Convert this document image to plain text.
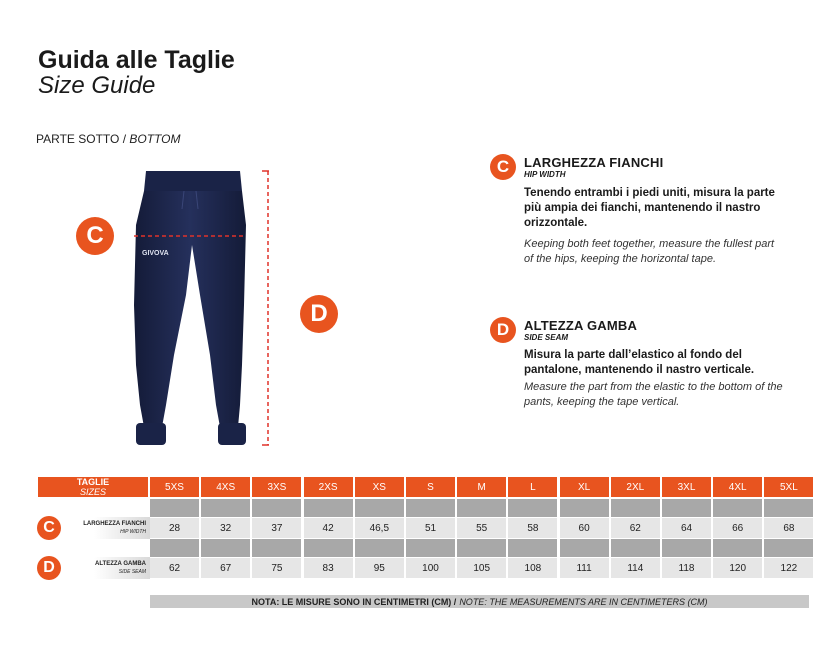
Guida alle Taglie
Size Guide
PARTE SOTTO / BOTTOM
GIVOVA
C
D
C	LARGHEZZA FIANCHI
HIP WIDTH
Tenendo entrambi i piedi uniti, misura la parte più ampia dei fianchi, mantenendo il nastro orizzontale.
Keeping both feet together, measure the fullest part of the hips, keeping the horizontal tape.
D	ALTEZZA GAMBA
SIDE SEAM
Misura la parte dall’elastico al fondo del pantalone, mantenendo il nastro verticale.
Measure the part from the elastic to the bottom of the pants, keeping the tape vertical.
TAGLIE
SIZES	5XS	4XS	3XS	2XS	XS	S	M	L	XL	2XL	3XL	4XL	5XL
C	LARGHEZZA FIANCHI
HIP WIDTH
D	ALTEZZA GAMBA
SIDE SEAM
28	32	37	42	46,5	51	55	58	60	62	64	66	68
62	67	75	83	95	100	105	108	111	114	118	120	122
NOTA: LE MISURE SONO IN CENTIMETRI (CM) / NOTE: THE MEASUREMENTS ARE IN CENTIMETERS (CM)
